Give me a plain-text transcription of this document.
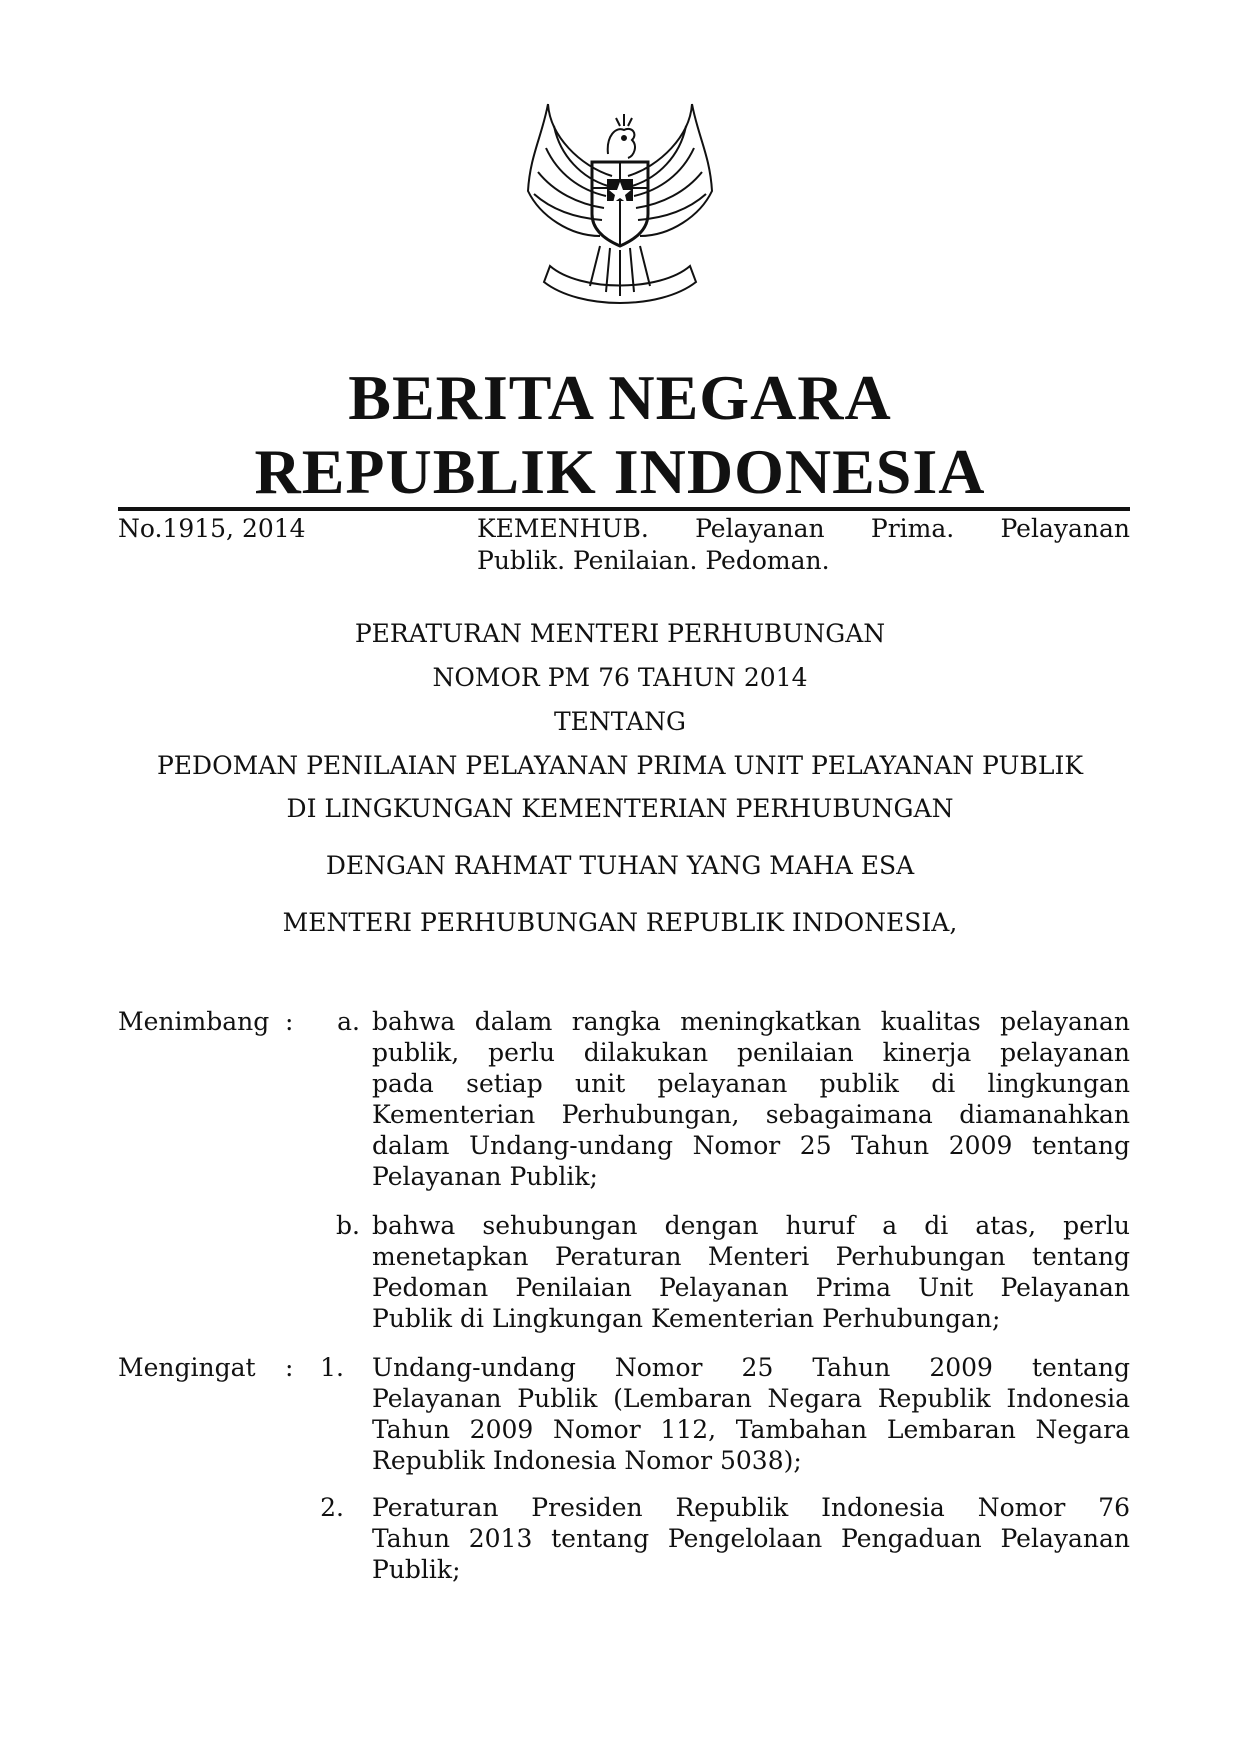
BERITA NEGARA
REPUBLIK INDONESIA
No.1915, 2014	KEMENHUB. Pelayanan Prima. Pelayanan
Publik. Penilaian. Pedoman.
PERATURAN MENTERI PERHUBUNGAN
NOMOR PM 76 TAHUN 2014
TENTANG
PEDOMAN PENILAIAN PELAYANAN PRIMA UNIT PELAYANAN PUBLIK
DI LINGKUNGAN KEMENTERIAN PERHUBUNGAN
DENGAN RAHMAT TUHAN YANG MAHA ESA
MENTERI PERHUBUNGAN REPUBLIK INDONESIA,
Menimbang :	a. bahwa dalam rangka meningkatkan kualitas pelayanan
publik, perlu dilakukan penilaian kinerja pelayanan
pada setiap unit pelayanan publik di lingkungan
Kementerian Perhubungan, sebagaimana diamanahkan
dalam Undang-undang Nomor 25 Tahun 2009 tentang
Pelayanan Publik;
b. bahwa sehubungan dengan huruf a di atas, perlu
menetapkan Peraturan Menteri Perhubungan tentang
Pedoman Penilaian Pelayanan Prima Unit Pelayanan
Publik di Lingkungan Kementerian Perhubungan;
Mengingat :	1. Undang-undang Nomor 25 Tahun 2009 tentang
Pelayanan Publik (Lembaran Negara Republik Indonesia
Tahun 2009 Nomor 112, Tambahan Lembaran Negara
Republik Indonesia Nomor 5038);
2. Peraturan Presiden Republik Indonesia Nomor 76
Tahun 2013 tentang Pengelolaan Pengaduan Pelayanan
Publik;
